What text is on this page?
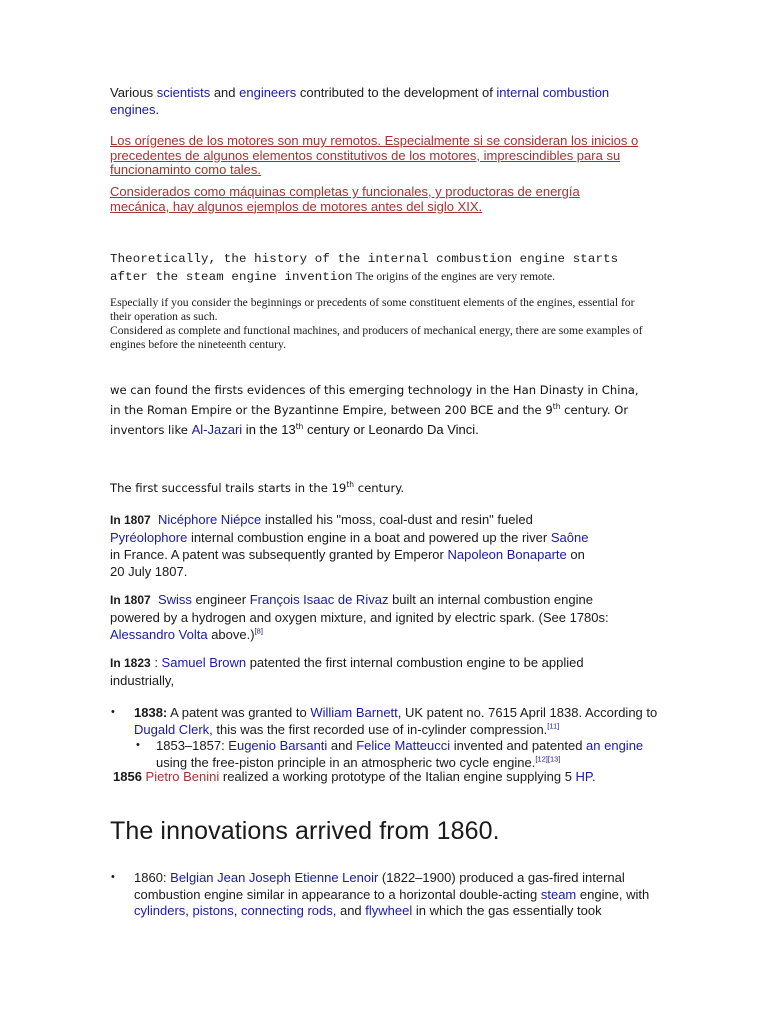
Various scientists and engineers contributed to the development of internal combustion engines.

Los orígenes de los motores son muy remotos. Especialmente si se consideran los inicios o precedentes de algunos elementos constitutivos de los motores, imprescindibles para su funcionaminto como tales.

Considerados como máquinas completas y funcionales, y productoras de energía mecánica, hay algunos ejemplos de motores antes del siglo XIX.

Theoretically, the history of the internal combustion engine starts
after the steam engine invention The origins of the engines are very remote.

Especially if you consider the beginnings or precedents of some constituent elements of the engines, essential for their operation as such.

Considered as complete and functional machines, and producers of mechanical energy, there are some examples of engines before the nineteenth century.

we can found the firsts evidences of this emerging technology in the Han Dinasty in China, in the Roman Empire or the Byzantinne Empire, between 200 BCE and the 9th century. Or inventors like Al-Jazari in the 13th century or Leonardo Da Vinci.
The first successful trails starts in the 19th century.
In 1807 Nicéphore Niépce installed his "moss, coal-dust and resin" fueled Pyréolophore internal combustion engine in a boat and powered up the river Saône in France. A patent was subsequently granted by Emperor Napoleon Bonaparte on 20 July 1807.
In 1807 Swiss engineer François Isaac de Rivaz built an internal combustion engine powered by a hydrogen and oxygen mixture, and ignited by electric spark. (See 1780s: Alessandro Volta above.)[8]
In 1823 : Samuel Brown patented the first internal combustion engine to be applied industrially,
• 1838: A patent was granted to William Barnett, UK patent no. 7615 April 1838. According to Dugald Clerk, this was the first recorded use of in-cylinder compression.[11]
• 1853–1857: Eugenio Barsanti and Felice Matteucci invented and patented an engine using the free-piston principle in an atmospheric two cycle engine.[12][13]
1856 Pietro Benini realized a working prototype of the Italian engine supplying 5 HP.
The innovations arrived from 1860.
• 1860: Belgian Jean Joseph Etienne Lenoir (1822–1900) produced a gas-fired internal combustion engine similar in appearance to a horizontal double-acting steam engine, with cylinders, pistons, connecting rods, and flywheel in which the gas essentially took
